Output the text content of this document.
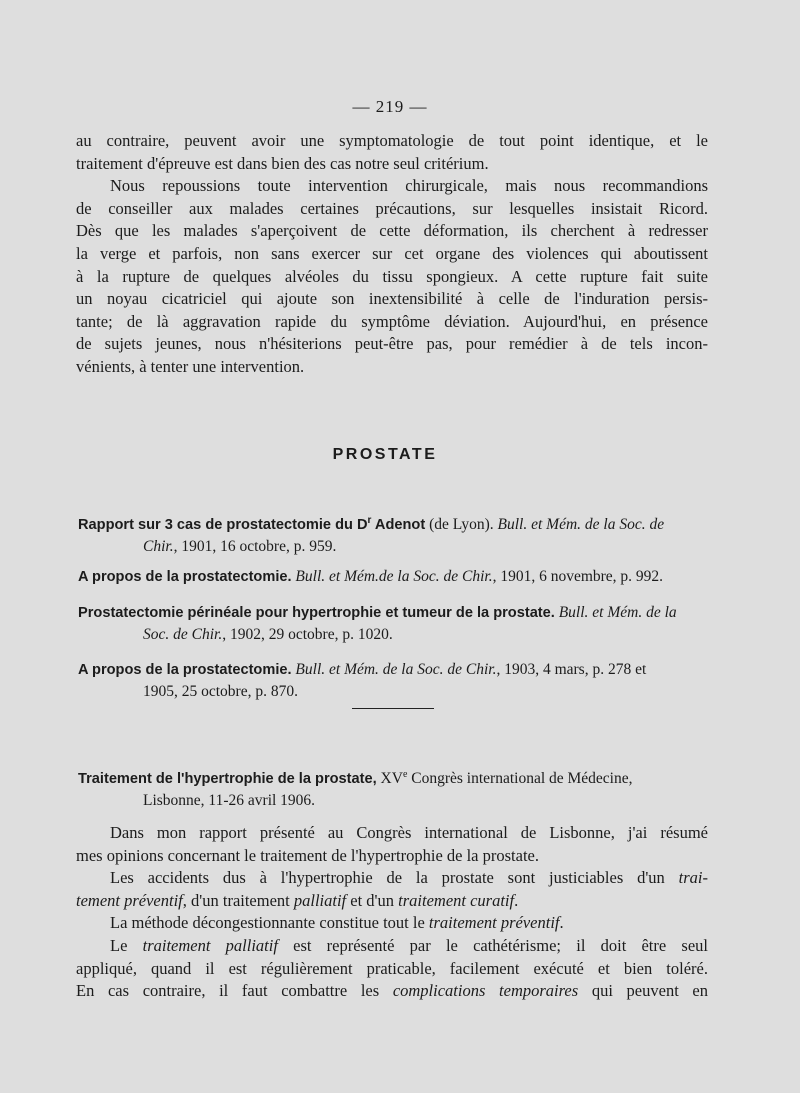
— 219 —
au contraire, peuvent avoir une symptomatologie de tout point identique, et le
traitement d'épreuve est dans bien des cas notre seul critérium.
Nous repoussions toute intervention chirurgicale, mais nous recommandions
de conseiller aux malades certaines précautions, sur lesquelles insistait Ricord.
Dès que les malades s'aperçoivent de cette déformation, ils cherchent à redresser
la verge et parfois, non sans exercer sur cet organe des violences qui aboutissent
à la rupture de quelques alvéoles du tissu spongieux. A cette rupture fait suite
un noyau cicatriciel qui ajoute son inextensibilité à celle de l'induration persis-
tante; de là aggravation rapide du symptôme déviation. Aujourd'hui, en présence
de sujets jeunes, nous n'hésiterions peut-être pas, pour remédier à de tels incon-
vénients, à tenter une intervention.
PROSTATE
Rapport sur 3 cas de prostatectomie du $D^r$ Adenot (de Lyon). Bull. et Mém. de la Soc. de
Chir., 1901, 16 octobre, p. 959.
A propos de la prostatectomie. Bull. et Mém.de la Soc. de Chir., 1901, 6 novembre, p. 992.
Prostatectomie périnéale pour hypertrophie et tumeur de la prostate. Bull. et Mém. de la
Soc. de Chir., 1902, 29 octobre, p. 1020.
A propos de la prostatectomie. Bull. et Mém. de la Soc. de Chir., 1903, 4 mars, p. 278 et
1905, 25 octobre, p. 870.
Traitement de l'hypertrophie de la prostate, XVe Congrès international de Médecine,
Lisbonne, 11-26 avril 1906.
Dans mon rapport présenté au Congrès international de Lisbonne, j'ai résumé
mes opinions concernant le traitement de l'hypertrophie de la prostate.
Les accidents dus à l'hypertrophie de la prostate sont justiciables d'un trai-
tement préventif, d'un traitement palliatif et d'un traitement curatif.
La méthode décongestionnante constitue tout le traitement préventif.
Le traitement palliatif est représenté par le cathétérisme; il doit être seul
appliqué, quand il est régulièrement praticable, facilement exécuté et bien toléré.
En cas contraire, il faut combattre les complications temporaires qui peuvent en
